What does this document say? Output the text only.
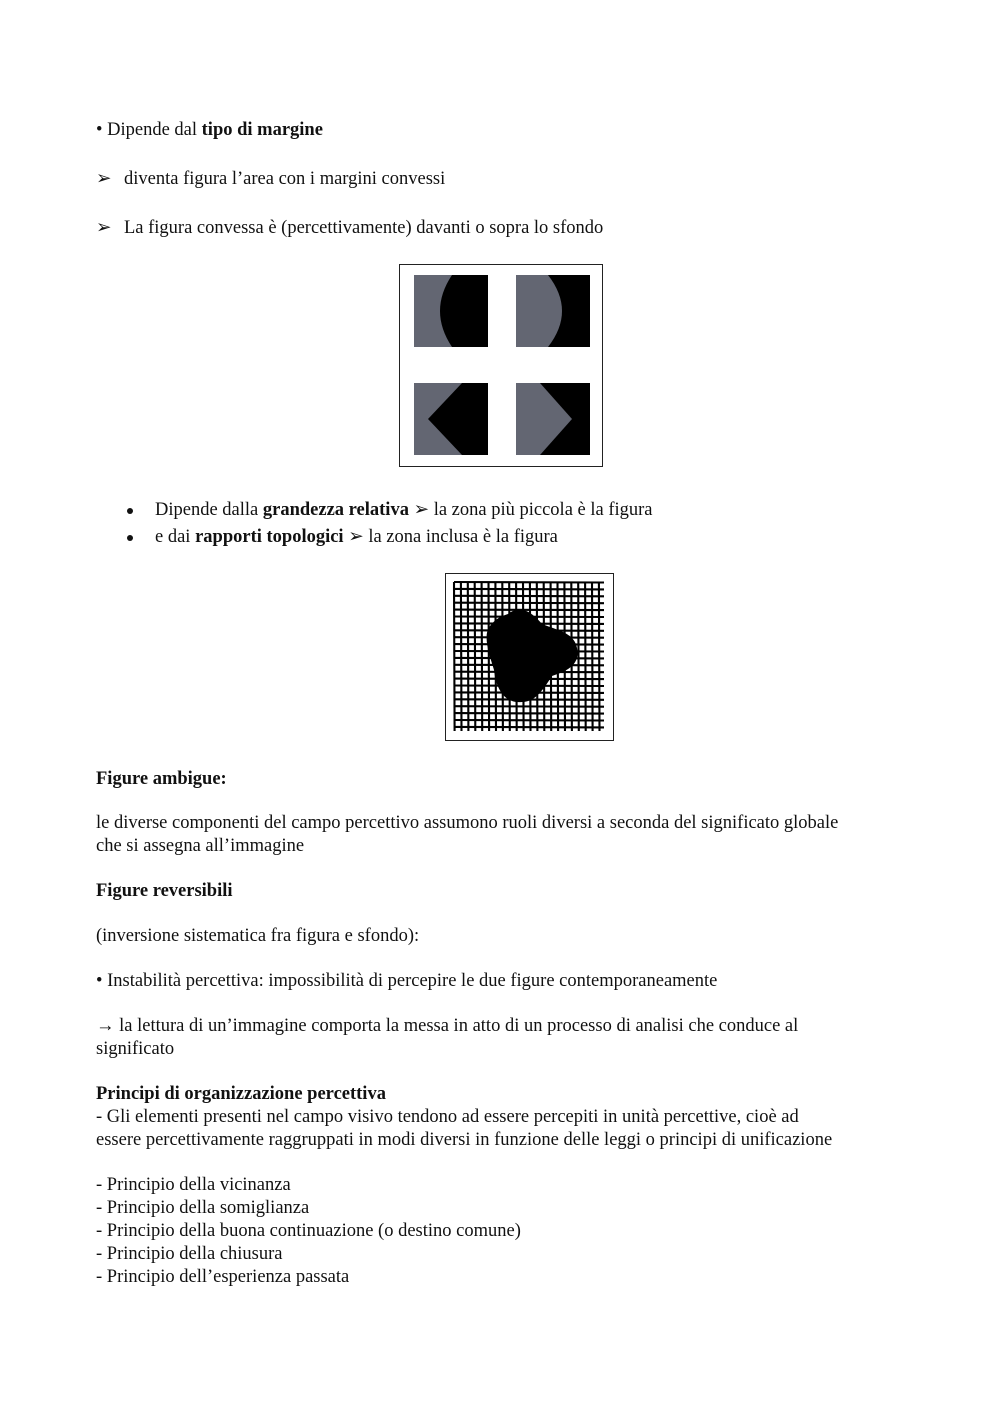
• Dipende dal tipo di margine
➢ diventa figura l’area con i margini convessi
➢ La figura convessa è (percettivamente) davanti o sopra lo sfondo
Dipende dalla grandezza relativa ➢ la zona più piccola è la figura
e dai rapporti topologici ➢ la zona inclusa è la figura
Figure ambigue:
le diverse componenti del campo percettivo assumono ruoli diversi a seconda del significato globale
che si assegna all’immagine
Figure reversibili
(inversione sistematica fra figura e sfondo):
• Instabilità percettiva: impossibilità di percepire le due figure contemporaneamente
→ la lettura di un’immagine comporta la messa in atto di un processo di analisi che conduce al
significato
Principi di organizzazione percettiva
- Gli elementi presenti nel campo visivo tendono ad essere percepiti in unità percettive, cioè ad
essere percettivamente raggruppati in modi diversi in funzione delle leggi o principi di unificazione
- Principio della vicinanza
- Principio della somiglianza
- Principio della buona continuazione (o destino comune)
- Principio della chiusura
- Principio dell’esperienza passata
